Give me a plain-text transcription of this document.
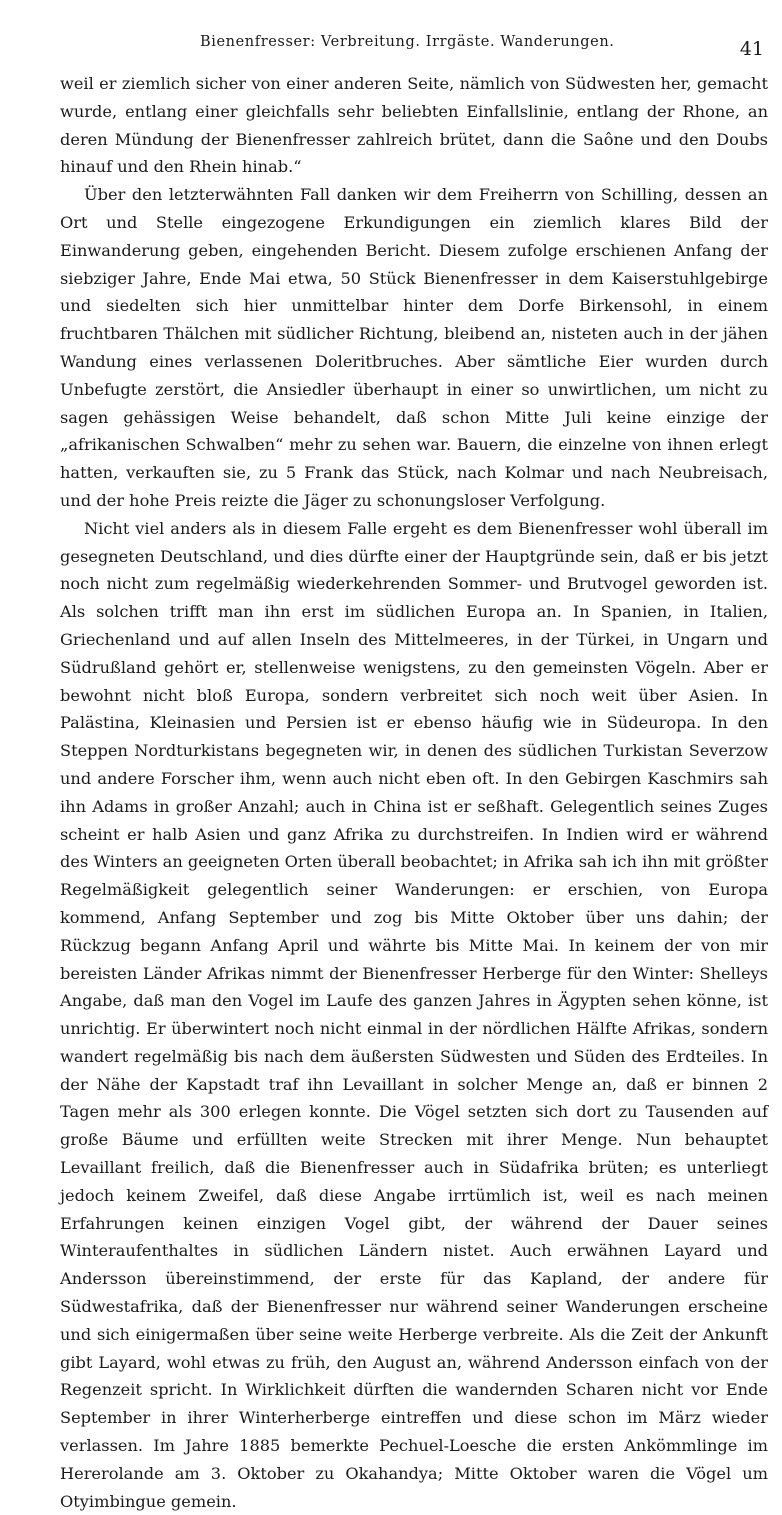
Bienenfresser: Verbreitung. Irrgäste. Wanderungen.	41

weil er ziemlich sicher von einer anderen Seite, nämlich von Südwesten her, gemacht wurde, entlang einer gleichfalls sehr beliebten Einfallslinie, entlang der Rhone, an deren Mündung der Bienenfresser zahlreich brütet, dann die Saône und den Doubs hinauf und den Rhein hinab.“

Über den letzterwähnten Fall danken wir dem Freiherrn von Schilling, dessen an Ort und Stelle eingezogene Erkundigungen ein ziemlich klares Bild der Einwanderung geben, eingehenden Bericht. Diesem zufolge erschienen Anfang der siebziger Jahre, Ende Mai etwa, 50 Stück Bienenfresser in dem Kaiserstuhlgebirge und siedelten sich hier unmittelbar hinter dem Dorfe Birkensohl, in einem fruchtbaren Thälchen mit südlicher Richtung, bleibend an, nisteten auch in der jähen Wandung eines verlassenen Doleritbruches. Aber sämtliche Eier wurden durch Unbefugte zerstört, die Ansiedler überhaupt in einer so unwirtlichen, um nicht zu sagen gehässigen Weise behandelt, daß schon Mitte Juli keine einzige der „afrikanischen Schwalben“ mehr zu sehen war. Bauern, die einzelne von ihnen erlegt hatten, verkauften sie, zu 5 Frank das Stück, nach Kolmar und nach Neubreisach, und der hohe Preis reizte die Jäger zu schonungsloser Verfolgung.

Nicht viel anders als in diesem Falle ergeht es dem Bienenfresser wohl überall im gesegneten Deutschland, und dies dürfte einer der Hauptgründe sein, daß er bis jetzt noch nicht zum regelmäßig wiederkehrenden Sommer- und Brutvogel geworden ist. Als solchen trifft man ihn erst im südlichen Europa an. In Spanien, in Italien, Griechenland und auf allen Inseln des Mittelmeeres, in der Türkei, in Ungarn und Südrußland gehört er, stellenweise wenigstens, zu den gemeinsten Vögeln. Aber er bewohnt nicht bloß Europa, sondern verbreitet sich noch weit über Asien. In Palästina, Kleinasien und Persien ist er ebenso häufig wie in Südeuropa. In den Steppen Nordturkistans begegneten wir, in denen des südlichen Turkistan Severzow und andere Forscher ihm, wenn auch nicht eben oft. In den Gebirgen Kaschmirs sah ihn Adams in großer Anzahl; auch in China ist er seßhaft. Gelegentlich seines Zuges scheint er halb Asien und ganz Afrika zu durchstreifen. In Indien wird er während des Winters an geeigneten Orten überall beobachtet; in Afrika sah ich ihn mit größter Regelmäßigkeit gelegentlich seiner Wanderungen: er erschien, von Europa kommend, Anfang September und zog bis Mitte Oktober über uns dahin; der Rückzug begann Anfang April und währte bis Mitte Mai. In keinem der von mir bereisten Länder Afrikas nimmt der Bienenfresser Herberge für den Winter: Shelleys Angabe, daß man den Vogel im Laufe des ganzen Jahres in Ägypten sehen könne, ist unrichtig. Er überwintert noch nicht einmal in der nördlichen Hälfte Afrikas, sondern wandert regelmäßig bis nach dem äußersten Südwesten und Süden des Erdteiles. In der Nähe der Kapstadt traf ihn Levaillant in solcher Menge an, daß er binnen 2 Tagen mehr als 300 erlegen konnte. Die Vögel setzten sich dort zu Tausenden auf große Bäume und erfüllten weite Strecken mit ihrer Menge. Nun behauptet Levaillant freilich, daß die Bienenfresser auch in Südafrika brüten; es unterliegt jedoch keinem Zweifel, daß diese Angabe irrtümlich ist, weil es nach meinen Erfahrungen keinen einzigen Vogel gibt, der während der Dauer seines Winteraufenthaltes in südlichen Ländern nistet. Auch erwähnen Layard und Andersson übereinstimmend, der erste für das Kapland, der andere für Südwestafrika, daß der Bienenfresser nur während seiner Wanderungen erscheine und sich einigermaßen über seine weite Herberge verbreite. Als die Zeit der Ankunft gibt Layard, wohl etwas zu früh, den August an, während Andersson einfach von der Regenzeit spricht. In Wirklichkeit dürften die wandernden Scharen nicht vor Ende September in ihrer Winterherberge eintreffen und diese schon im März wieder verlassen. Im Jahre 1885 bemerkte Pechuel-Loesche die ersten Ankömmlinge im Hererolande am 3. Oktober zu Okahandya; Mitte Oktober waren die Vögel um Otyimbingue gemein.
